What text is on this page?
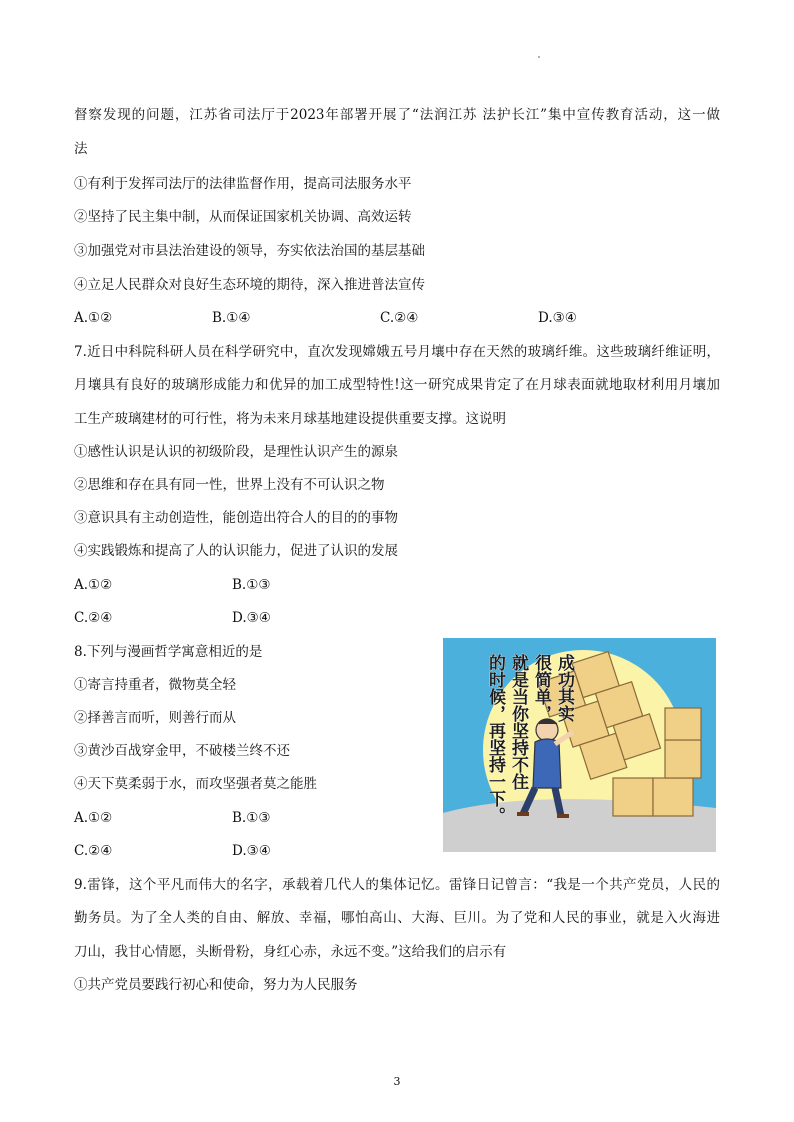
督察发现的问题，江苏省司法厅于2023年部署开展了“法润江苏 法护长江”集中宣传教育活动，这一做
法
①有利于发挥司法厅的法律监督作用，提高司法服务水平
②坚持了民主集中制，从而保证国家机关协调、高效运转
③加强党对市县法治建设的领导，夯实依法治国的基层基础
④立足人民群众对良好生态环境的期待，深入推进普法宣传
A.①②	B.①④	C.②④	D.③④
7.近日中科院科研人员在科学研究中，直次发现嫦娥五号月壤中存在天然的玻璃纤维。这些玻璃纤维证明，
月壤具有良好的玻璃形成能力和优异的加工成型特性!这一研究成果肯定了在月球表面就地取材利用月壤加
工生产玻璃建材的可行性，将为未来月球基地建设提供重要支撑。这说明
①感性认识是认识的初级阶段，是理性认识产生的源泉
②思维和存在具有同一性，世界上没有不可认识之物
③意识具有主动创造性，能创造出符合人的目的的事物
④实践锻炼和提高了人的认识能力，促进了认识的发展
A.①②	B.①③
C.②④	D.③④
8.下列与漫画哲学寓意相近的是
①寄言持重者，微物莫全轻
②择善言而听，则善行而从
③黄沙百战穿金甲，不破楼兰终不还
④天下莫柔弱于水，而攻坚强者莫之能胜
A.①②	B.①③
C.②④	D.③④
成功其实
很简单，
就是当你坚持不住
的时候，再坚持一下。
9.雷锋，这个平凡而伟大的名字，承载着几代人的集体记忆。雷锋日记曾言：“我是一个共产党员，人民的
勤务员。为了全人类的自由、解放、幸福，哪怕高山、大海、巨川。为了党和人民的事业，就是入火海进
刀山，我甘心情愿，头断骨粉，身红心赤，永远不变。”这给我们的启示有
①共产党员要践行初心和使命，努力为人民服务
3
